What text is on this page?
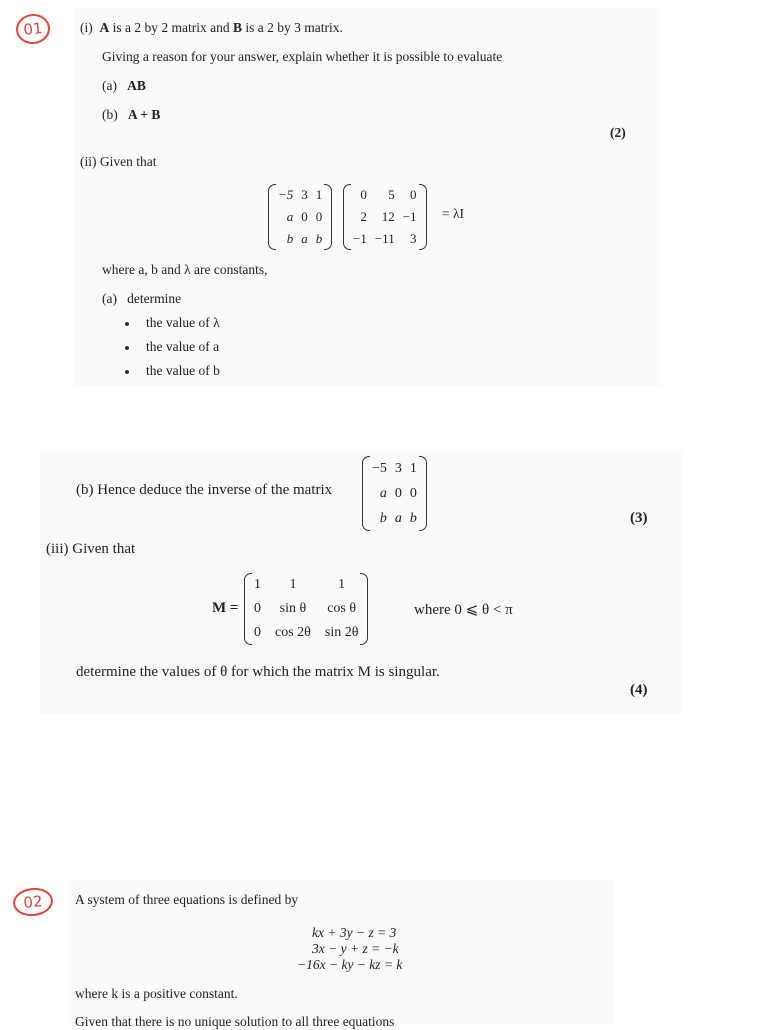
01	(i) A is a 2 by 2 matrix and B is a 2 by 3 matrix.
Giving a reason for your answer, explain whether it is possible to evaluate
(a) AB
(b) A + B
(2)
(ii) Given that
−5	3	1
a	0	0
b	a	b
0	5	0
2	12	−1
−1	−11	3
= λI
where a, b and λ are constants,
(a) determine
the value of λ
the value of a
the value of b
(b) Hence deduce the inverse of the matrix
−5	3	1
a	0	0
b	a	b	(3)
(iii) Given that
M =
1	1	1
0	sin θ	cos θ
0	cos 2θ	sin 2θ
where 0 ⩽ θ < π
determine the values of θ for which the matrix M is singular.
(4)
02 A system of three equations is defined by
kx + 3y − z = 3
3x − y + z = −k
−16x − ky − kz = k
where k is a positive constant.
Given that there is no unique solution to all three equations
